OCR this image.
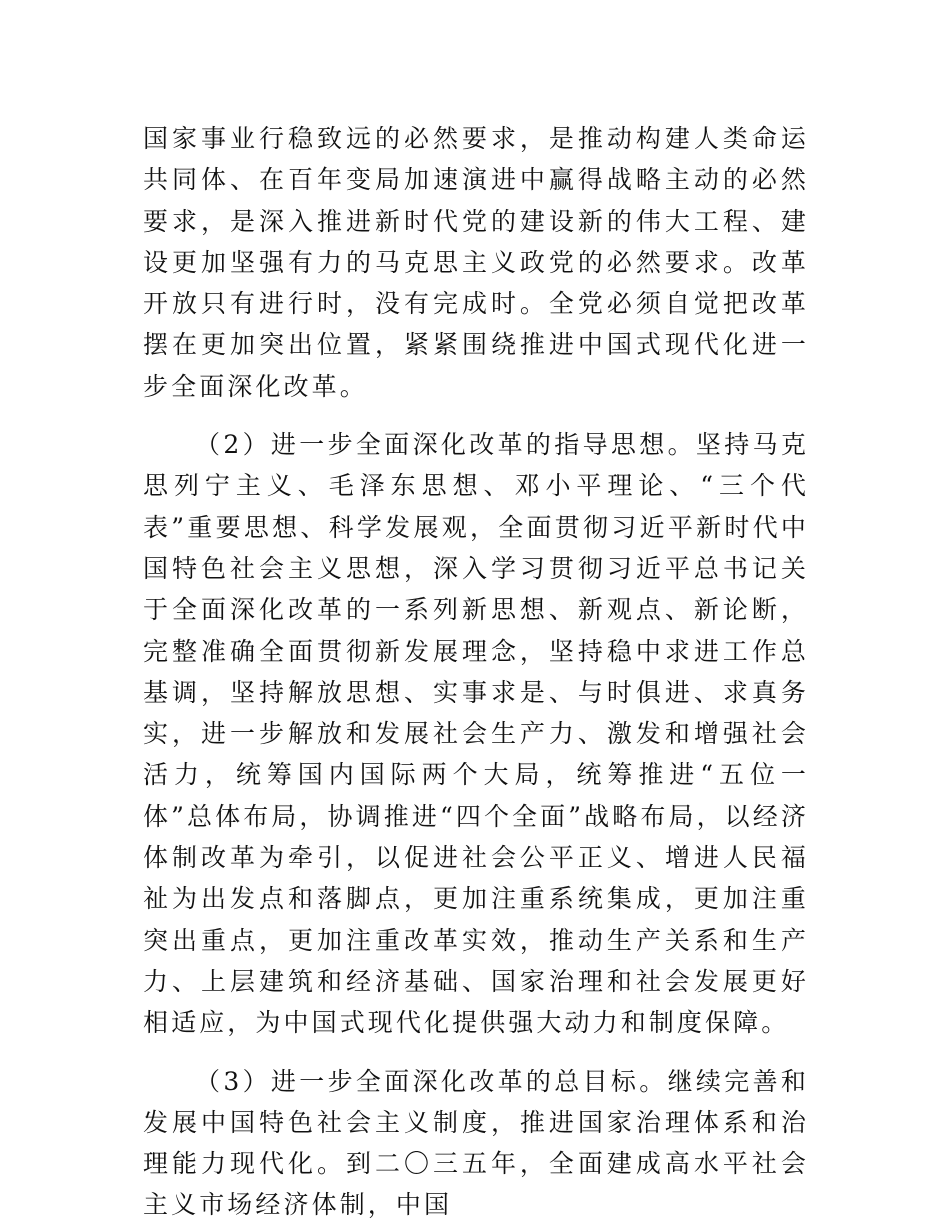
国家事业行稳致远的必然要求，是推动构建人类命运共同体、在百年变局加速演进中赢得战略主动的必然要求，是深入推进新时代党的建设新的伟大工程、建设更加坚强有力的马克思主义政党的必然要求。改革开放只有进行时，没有完成时。全党必须自觉把改革摆在更加突出位置，紧紧围绕推进中国式现代化进一步全面深化改革。

（2）进一步全面深化改革的指导思想。坚持马克思列宁主义、毛泽东思想、邓小平理论、“三个代表”重要思想、科学发展观，全面贯彻习近平新时代中国特色社会主义思想，深入学习贯彻习近平总书记关于全面深化改革的一系列新思想、新观点、新论断，完整准确全面贯彻新发展理念，坚持稳中求进工作总基调，坚持解放思想、实事求是、与时俱进、求真务实，进一步解放和发展社会生产力、激发和增强社会活力，统筹国内国际两个大局，统筹推进“五位一体”总体布局，协调推进“四个全面”战略布局，以经济体制改革为牵引，以促进社会公平正义、增进人民福祉为出发点和落脚点，更加注重系统集成，更加注重突出重点，更加注重改革实效，推动生产关系和生产力、上层建筑和经济基础、国家治理和社会发展更好相适应，为中国式现代化提供强大动力和制度保障。

（3）进一步全面深化改革的总目标。继续完善和发展中国特色社会主义制度，推进国家治理体系和治理能力现代化。到二〇三五年，全面建成高水平社会主义市场经济体制，中国
